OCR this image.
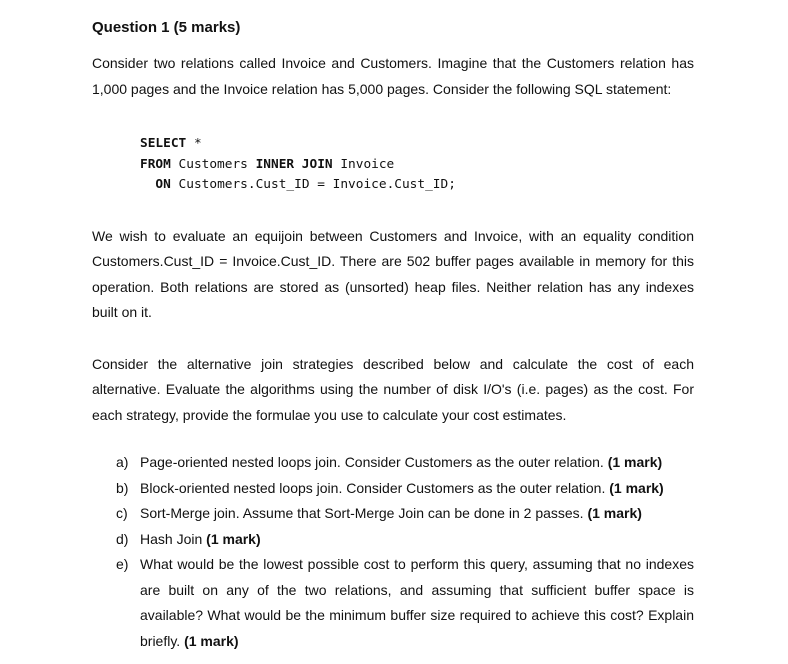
Question 1 (5 marks)

Consider two relations called Invoice and Customers. Imagine that the Customers relation has 1,000 pages and the Invoice relation has 5,000 pages. Consider the following SQL statement:

SELECT *
FROM Customers INNER JOIN Invoice
ON Customers.Cust_ID = Invoice.Cust_ID;

We wish to evaluate an equijoin between Customers and Invoice, with an equality condition Customers.Cust_ID = Invoice.Cust_ID. There are 502 buffer pages available in memory for this operation. Both relations are stored as (unsorted) heap files. Neither relation has any indexes built on it.

Consider the alternative join strategies described below and calculate the cost of each alternative. Evaluate the algorithms using the number of disk I/O's (i.e. pages) as the cost. For each strategy, provide the formulae you use to calculate your cost estimates.

a) Page-oriented nested loops join. Consider Customers as the outer relation. (1 mark)
b) Block-oriented nested loops join. Consider Customers as the outer relation. (1 mark)
c) Sort-Merge join. Assume that Sort-Merge Join can be done in 2 passes. (1 mark)
d) Hash Join (1 mark)
e) What would be the lowest possible cost to perform this query, assuming that no indexes are built on any of the two relations, and assuming that sufficient buffer space is available? What would be the minimum buffer size required to achieve this cost? Explain briefly. (1 mark)
